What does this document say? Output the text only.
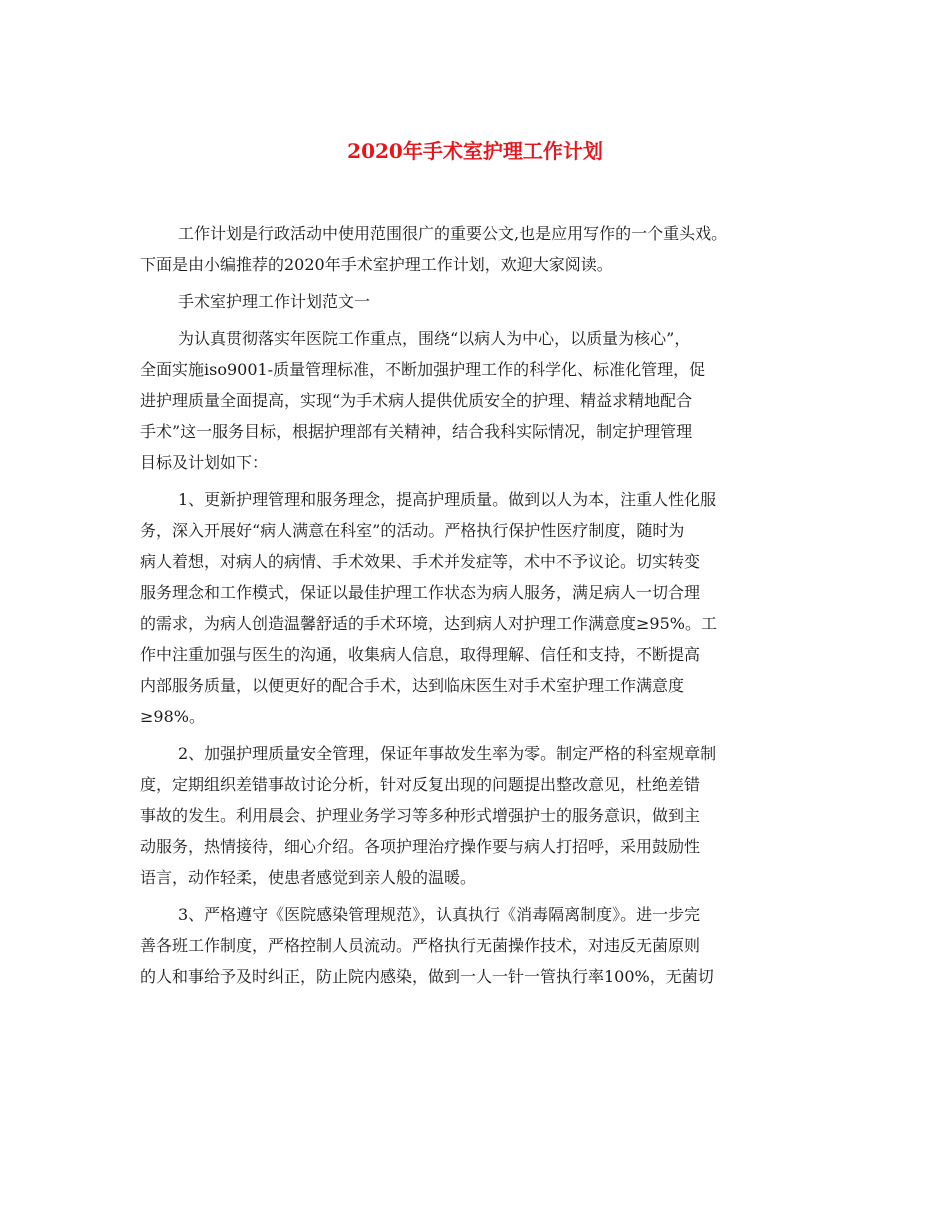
2020年手术室护理工作计划
工作计划是行政活动中使用范围很广的重要公文,也是应用写作的一个重头戏。
下面是由小编推荐的2020年手术室护理工作计划，欢迎大家阅读。
手术室护理工作计划范文一
为认真贯彻落实年医院工作重点，围绕“以病人为中心，以质量为核心”，
全面实施iso9001-质量管理标准，不断加强护理工作的科学化、标准化管理，促
进护理质量全面提高，实现“为手术病人提供优质安全的护理、精益求精地配合
手术”这一服务目标，根据护理部有关精神，结合我科实际情况，制定护理管理
目标及计划如下：
1、更新护理管理和服务理念，提高护理质量。做到以人为本，注重人性化服
务，深入开展好“病人满意在科室”的活动。严格执行保护性医疗制度，随时为
病人着想，对病人的病情、手术效果、手术并发症等，术中不予议论。切实转变
服务理念和工作模式，保证以最佳护理工作状态为病人服务，满足病人一切合理
的需求，为病人创造温馨舒适的手术环境，达到病人对护理工作满意度≥95%。工
作中注重加强与医生的沟通，收集病人信息，取得理解、信任和支持，不断提高
内部服务质量，以便更好的配合手术，达到临床医生对手术室护理工作满意度
≥98%。
2、加强护理质量安全管理，保证年事故发生率为零。制定严格的科室规章制
度，定期组织差错事故讨论分析，针对反复出现的问题提出整改意见，杜绝差错
事故的发生。利用晨会、护理业务学习等多种形式增强护士的服务意识，做到主
动服务，热情接待，细心介绍。各项护理治疗操作要与病人打招呼，采用鼓励性
语言，动作轻柔，使患者感觉到亲人般的温暖。
3、严格遵守《医院感染管理规范》，认真执行《消毒隔离制度》。进一步完
善各班工作制度，严格控制人员流动。严格执行无菌操作技术，对违反无菌原则
的人和事给予及时纠正，防止院内感染，做到一人一针一管执行率100%，无菌切
